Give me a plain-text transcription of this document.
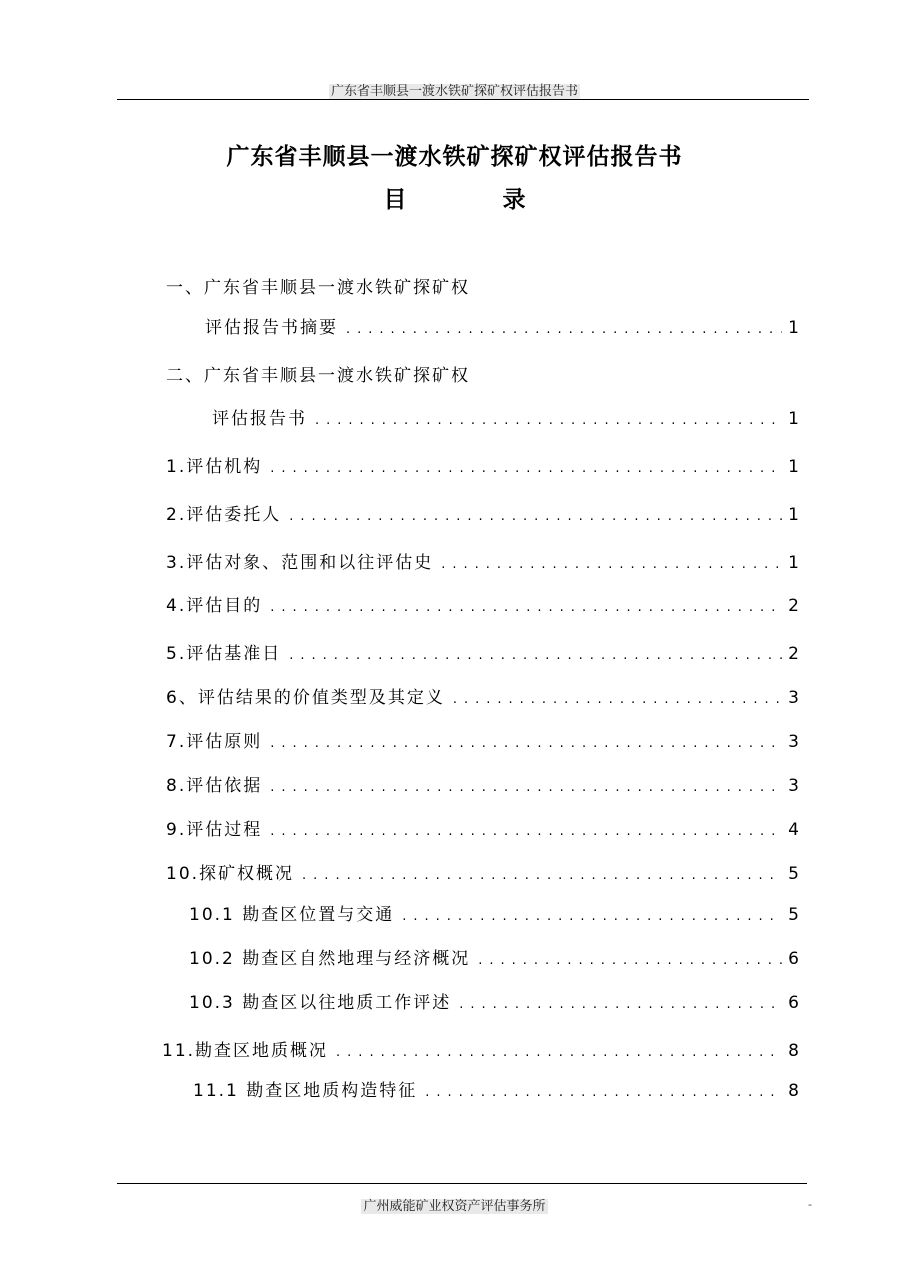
广东省丰顺县一渡水铁矿探矿权评估报告书
广东省丰顺县一渡水铁矿探矿权评估报告书
目 录
一、广东省丰顺县一渡水铁矿探矿权
评估报告书摘要 .....	1
二、广东省丰顺县一渡水铁矿探矿权
评估报告书 .....	1
1.评估机构 .....	1
2.评估委托人 .....	1
3.评估对象、范围和以往评估史 .....	1
4.评估目的 .....	2
5.评估基准日 .....	2
6、评估结果的价值类型及其定义 .....	3
7.评估原则 .....	3
8.评估依据 .....	3
9.评估过程 .....	4
10.探矿权概况 .....	5
10.1 勘查区位置与交通 .....	5
10.2 勘查区自然地理与经济概况 .....	6
10.3 勘查区以往地质工作评述 .....	6
11.勘查区地质概况 .....	8
11.1 勘查区地质构造特征 .....	8
广州威能矿业权资产评估事务所	-
